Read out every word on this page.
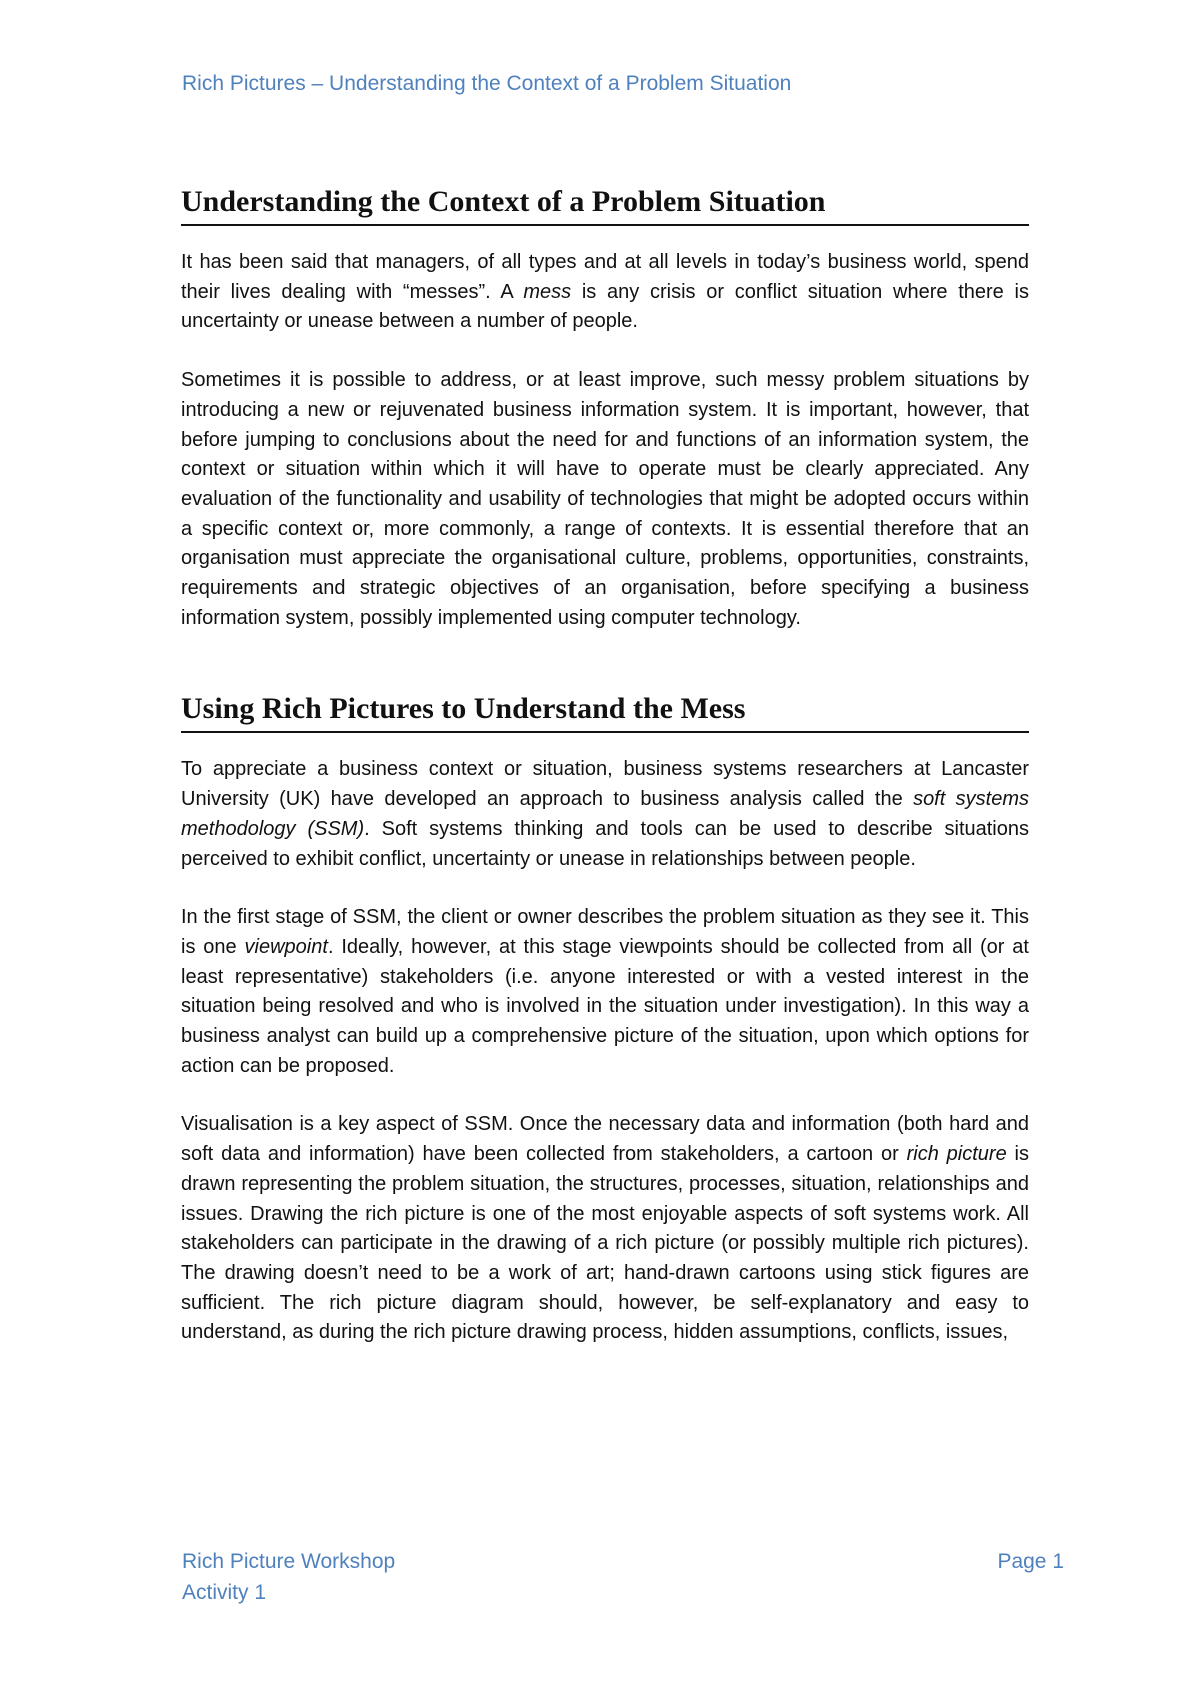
Rich Pictures – Understanding the Context of a Problem Situation
Understanding the Context of a Problem Situation

It has been said that managers, of all types and at all levels in today’s business world, spend their lives dealing with “messes”. A mess is any crisis or conflict situation where there is uncertainty or unease between a number of people.

Sometimes it is possible to address, or at least improve, such messy problem situations by introducing a new or rejuvenated business information system. It is important, however, that before jumping to conclusions about the need for and functions of an information system, the context or situation within which it will have to operate must be clearly appreciated. Any evaluation of the functionality and usability of technologies that might be adopted occurs within a specific context or, more commonly, a range of contexts. It is essential therefore that an organisation must appreciate the organisational culture, problems, opportunities, constraints, requirements and strategic objectives of an organisation, before specifying a business information system, possibly implemented using computer technology.

Using Rich Pictures to Understand the Mess

To appreciate a business context or situation, business systems researchers at Lancaster University (UK) have developed an approach to business analysis called the soft systems methodology (SSM). Soft systems thinking and tools can be used to describe situations perceived to exhibit conflict, uncertainty or unease in relationships between people.

In the first stage of SSM, the client or owner describes the problem situation as they see it. This is one viewpoint. Ideally, however, at this stage viewpoints should be collected from all (or at least representative) stakeholders (i.e. anyone interested or with a vested interest in the situation being resolved and who is involved in the situation under investigation). In this way a business analyst can build up a comprehensive picture of the situation, upon which options for action can be proposed.

Visualisation is a key aspect of SSM. Once the necessary data and information (both hard and soft data and information) have been collected from stakeholders, a cartoon or rich picture is drawn representing the problem situation, the structures, processes, situation, relationships and issues. Drawing the rich picture is one of the most enjoyable aspects of soft systems work. All stakeholders can participate in the drawing of a rich picture (or possibly multiple rich pictures). The drawing doesn’t need to be a work of art; hand-drawn cartoons using stick figures are sufficient. The rich picture diagram should, however, be self-explanatory and easy to understand, as during the rich picture drawing process, hidden assumptions, conflicts, issues,

Rich Picture Workshop
Activity 1
Page 1
